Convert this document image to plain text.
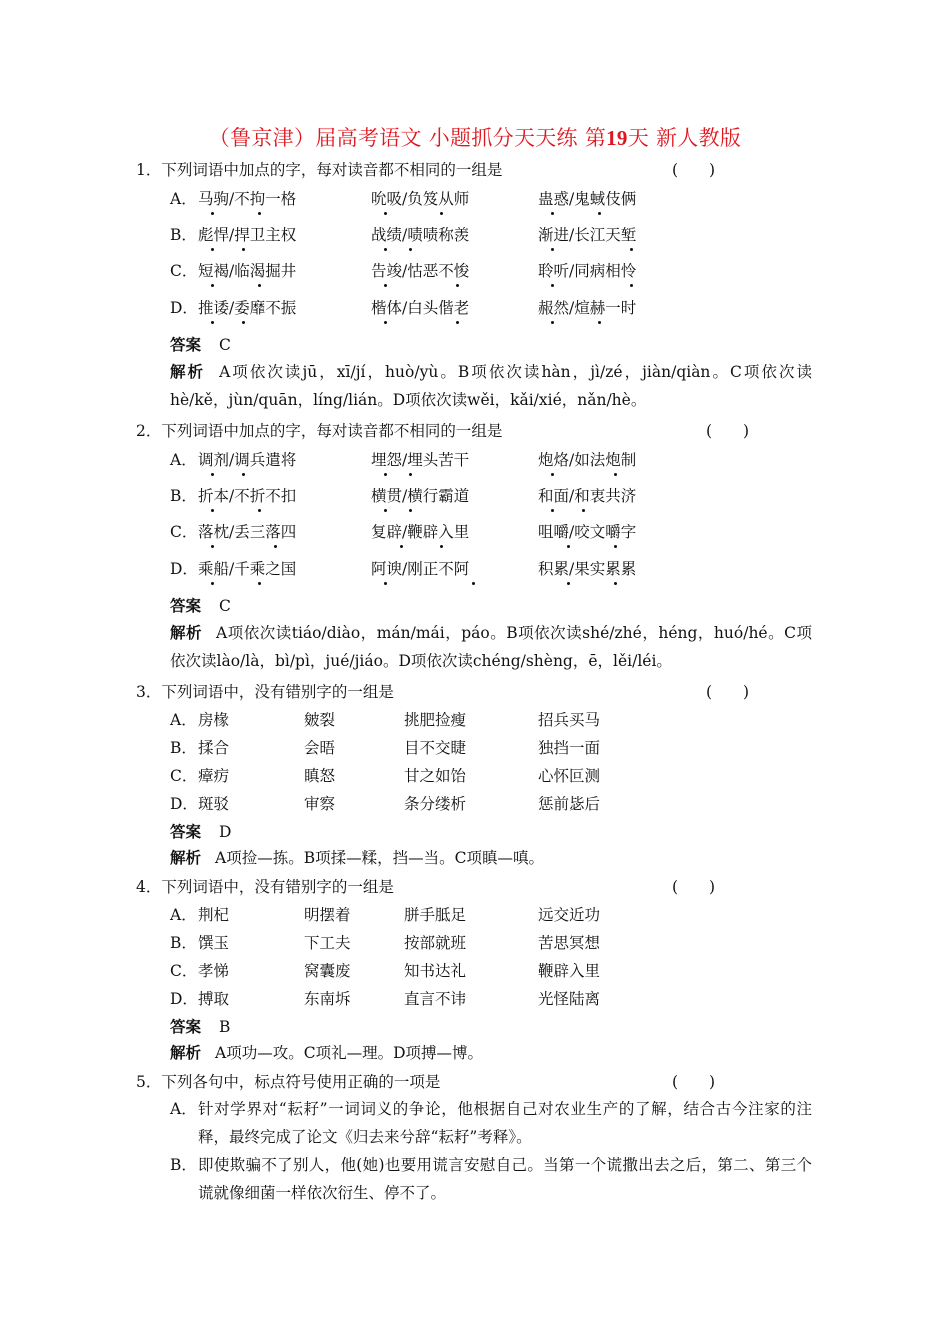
（鲁京津）届高考语文 小题抓分天天练 第19天 新人教版
1．下列词语中加点的字，每对读音都不相同的一组是	(　　)
A． 马驹/不拘一格	吮吸/负笈从师	蛊惑/鬼蜮伎俩
B． 彪悍/捍卫主权	战绩/啧啧称羡	渐进/长江天堑
C． 短褐/临渴掘井	告竣/怙恶不悛	聆听/同病相怜
D． 推诿/委靡不振	楷体/白头偕老	赧然/煊赫一时
答案 C
解析 A项依次读jū，xī/jí，huò/yù。B项依次读hàn，jì/zé，jiàn/qiàn。C项依次读hè/kě，jùn/quān，líng/lián。D项依次读wěi，kǎi/xié，nǎn/hè。
2．下列词语中加点的字，每对读音都不相同的一组是	(　　)
A． 调剂/调兵遣将	埋怨/埋头苦干	炮烙/如法炮制
B． 折本/不折不扣	横贯/横行霸道	和面/和衷共济
C． 落枕/丢三落四	复辟/鞭辟入里	咀嚼/咬文嚼字
D． 乘船/千乘之国	阿谀/刚正不阿	积累/果实累累
答案 C
解析 A项依次读tiáo/diào，mán/mái，páo。B项依次读shé/zhé，héng，huó/hé。C项依次读lào/là，bì/pì，jué/jiáo。D项依次读chéng/shèng，ē，lěi/léi。
3．下列词语中，没有错别字的一组是	(　　)
A． 房椽	皴裂	挑肥捡瘦	招兵买马
B． 揉合	会晤	目不交睫	独挡一面
C． 瘴疠	瞋怒	甘之如饴	心怀叵测
D． 斑驳	审察	条分缕析	惩前毖后
答案 D
解析 A项捡—拣。B项揉—糅，挡—当。C项瞋—嗔。
4．下列词语中，没有错别字的一组是	(　　)
A． 荆杞	明摆着	胼手胝足	远交近功
B． 馔玉	下工夫	按部就班	苦思冥想
C． 孝悌	窝囊废	知书达礼	鞭辟入里
D． 搏取	东南坼	直言不讳	光怪陆离
答案 B
解析 A项功—攻。C项礼—理。D项搏—博。
5．下列各句中，标点符号使用正确的一项是	(　　)
A． 针对学界对“耘耔”一词词义的争论，他根据自己对农业生产的了解，结合古今注家的注释，最终完成了论文《归去来兮辞“耘耔”考释》。
B． 即使欺骗不了别人，他(她)也要用谎言安慰自己。当第一个谎撒出去之后，第二、第三个谎就像细菌一样依次衍生、停不了。
